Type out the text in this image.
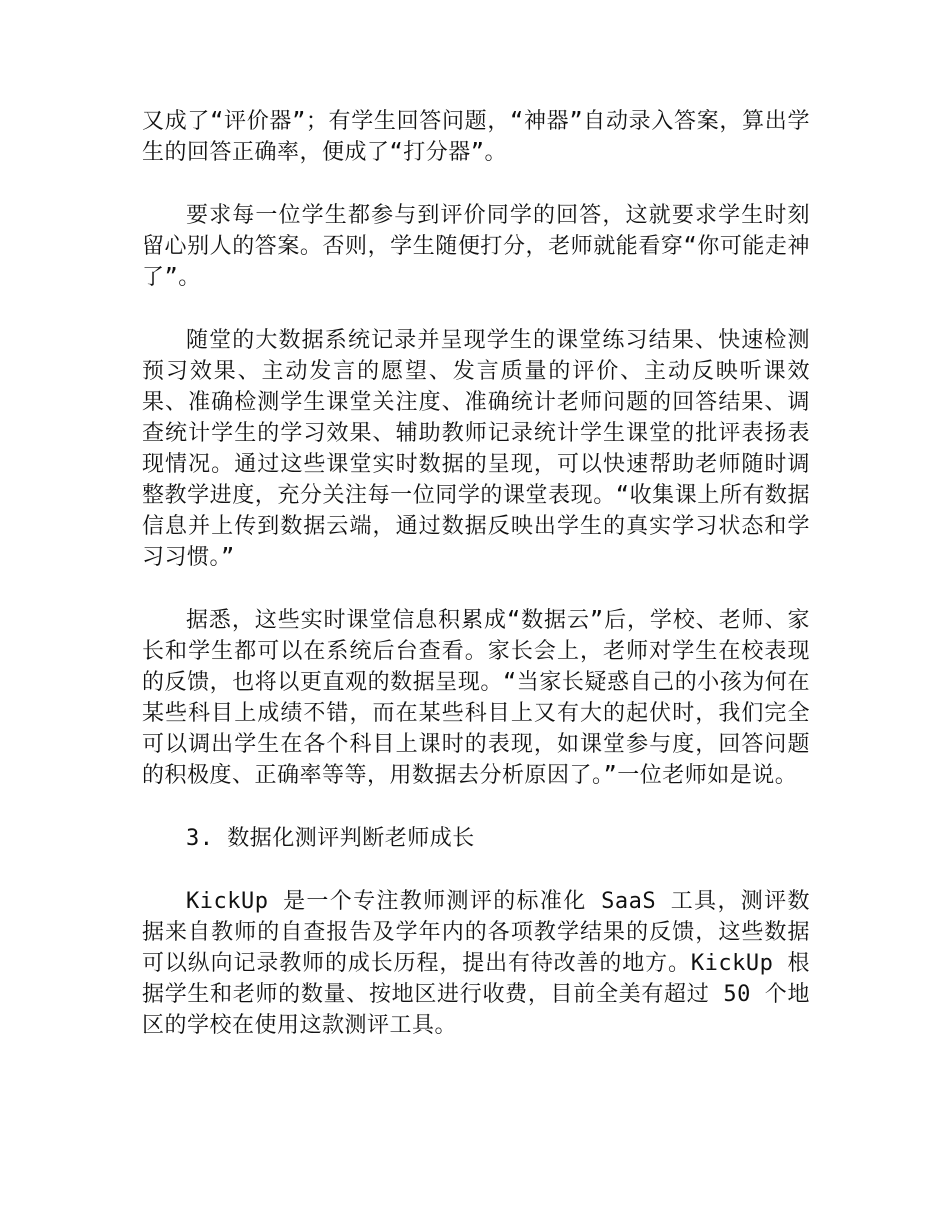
又成了“评价器”；有学生回答问题，“神器”自动录入答案，算出学生的回答正确率，便成了“打分器”。

要求每一位学生都参与到评价同学的回答，这就要求学生时刻留心别人的答案。否则，学生随便打分，老师就能看穿“你可能走神了”。

随堂的大数据系统记录并呈现学生的课堂练习结果、快速检测预习效果、主动发言的愿望、发言质量的评价、主动反映听课效果、准确检测学生课堂关注度、准确统计老师问题的回答结果、调查统计学生的学习效果、辅助教师记录统计学生课堂的批评表扬表现情况。通过这些课堂实时数据的呈现，可以快速帮助老师随时调整教学进度，充分关注每一位同学的课堂表现。“收集课上所有数据信息并上传到数据云端，通过数据反映出学生的真实学习状态和学习习惯。”

据悉，这些实时课堂信息积累成“数据云”后，学校、老师、家长和学生都可以在系统后台查看。家长会上，老师对学生在校表现的反馈，也将以更直观的数据呈现。“当家长疑惑自己的小孩为何在某些科目上成绩不错，而在某些科目上又有大的起伏时，我们完全可以调出学生在各个科目上课时的表现，如课堂参与度，回答问题的积极度、正确率等等，用数据去分析原因了。”一位老师如是说。

3. 数据化测评判断老师成长

KickUp 是一个专注教师测评的标准化 SaaS 工具，测评数据来自教师的自查报告及学年内的各项教学结果的反馈，这些数据可以纵向记录教师的成长历程，提出有待改善的地方。KickUp 根据学生和老师的数量、按地区进行收费，目前全美有超过 50 个地区的学校在使用这款测评工具。
